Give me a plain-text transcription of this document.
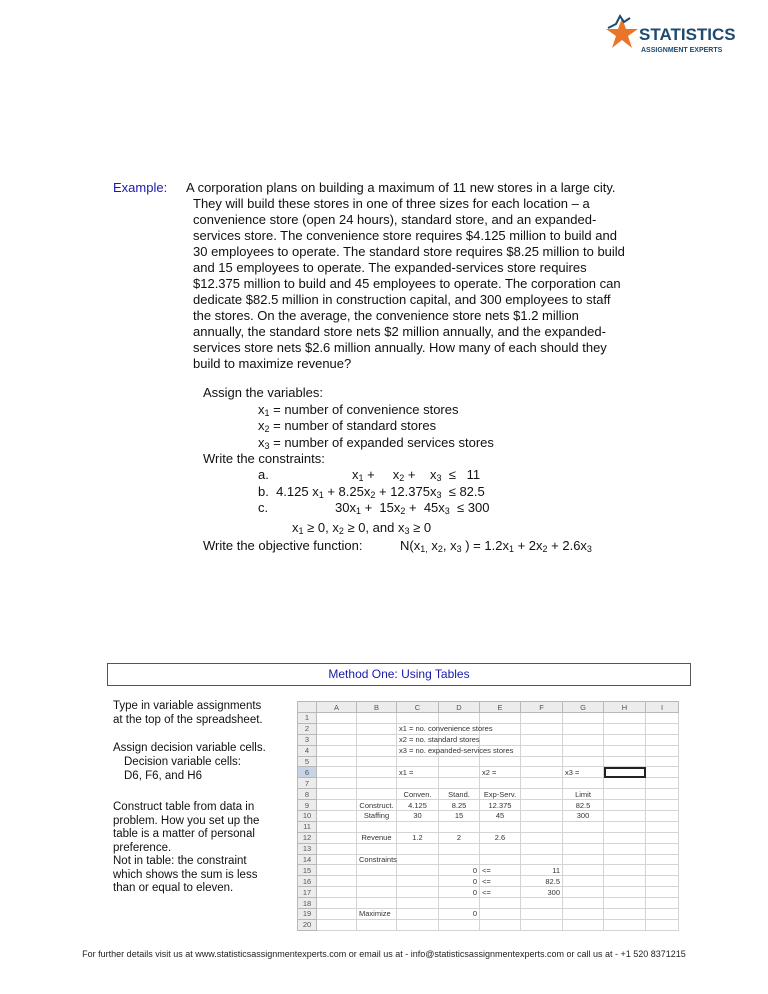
STATISTICS
ASSIGNMENT EXPERTS
Example: A corporation plans on building a maximum of 11 new stores in a large city.
They will build these stores in one of three sizes for each location – a
convenience store (open 24 hours), standard store, and an expanded-
services store. The convenience store requires $4.125 million to build and
30 employees to operate. The standard store requires $8.25 million to build
and 15 employees to operate. The expanded-services store requires
$12.375 million to build and 45 employees to operate. The corporation can
dedicate $82.5 million in construction capital, and 300 employees to staff
the stores. On the average, the convenience store nets $1.2 million
annually, the standard store nets $2 million annually, and the expanded-
services store nets $2.6 million annually. How many of each should they
build to maximize revenue?
Assign the variables:
$x_1$ = number of convenience stores
$x_2$ = number of standard stores
$x_3$ = number of expanded services stores
Write the constraints:
a.	$x_1$ +     $x_2$ +    $x_3 \le 11$
b.  4.125 $x_1 + 8.25x_2 + 12.375x_3 \le 82.5$
c.	$30x_1 + 15x_2 + 45x_3 \le 300$
$x_1 \ge 0$, $x_2 \ge 0$, and $x_3 \ge 0$
Write the objective function:	$N(x_{1,}$ $x_2$, $x_3$ ) = $1.2x_1 + 2x_2 + 2.6x_3$
Method One: Using Tables
Type in variable assignments
at the top of the spreadsheet.
Assign decision variable cells.
Decision variable cells:
D6, F6, and H6
Construct table from data in
problem. How you set up the
table is a matter of personal
preference.
Not in table: the constraint
which shows the sum is less
than or equal to eleven.
	A	B	C	D	E	F	G	H	I
1									
2			x1 = no. convenience stores						
3			x2 = no. standard stores						
4			x3 = no. expanded-services stores						
5									
6			x1 =		x2 =		x3 =		
7									
8			Conven.	Stand.	Exp-Serv.		Limit		
9		Construct.	4.125	8.25	12.375		82.5		
10		Staffing	30	15	45		300		
11									
12		Revenue	1.2	2	2.6				
13									
14		Constraints							
15				0	<=	11			
16				0	<=	82.5			
17				0	<=	300			
18									
19		Maximize		0					
20									
For further details visit us at www.statisticsassignmentexperts.com or email us at - info@statisticsassignmentexperts.com or call us at - +1 520 8371215
